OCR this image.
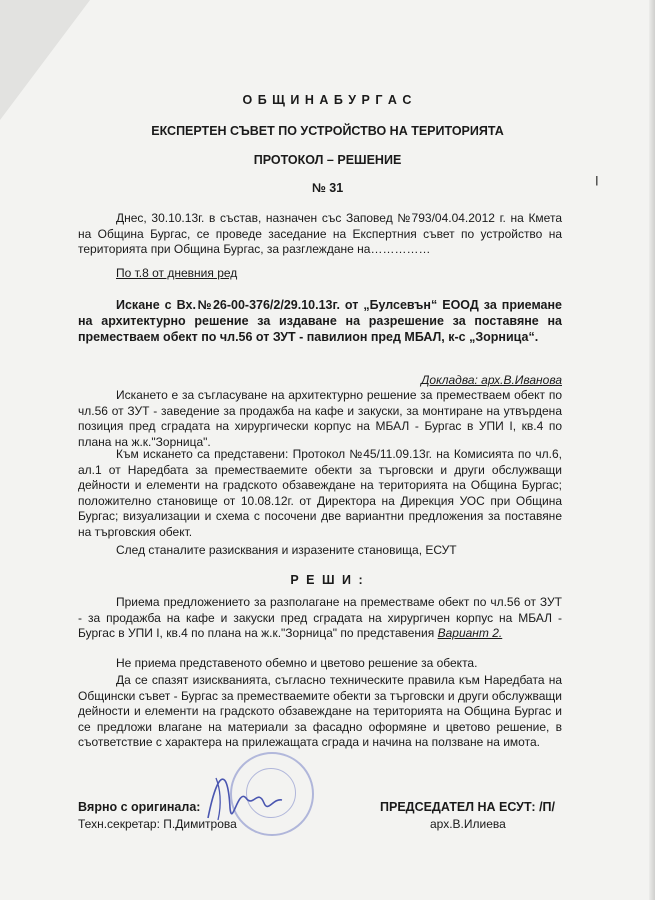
О Б Щ И Н А Б У Р Г А С
ЕКСПЕРТЕН СЪВЕТ ПО УСТРОЙСТВО НА ТЕРИТОРИЯТА
ПРОТОКОЛ – РЕШЕНИЕ
№ 31	╵
Днес, 30.10.13г. в състав, назначен със Заповед №793/04.04.2012 г. на Кмета на Община Бургас, се проведе заседание на Експертния съвет по устройство на територията при Община Бургас, за разглеждане на……………
По т.8 от дневния ред
Искане с Вх.№26-00-376/2/29.10.13г. от „Булсевън“ ЕООД за приемане на архитектурно решение за издаване на разрешение за поставяне на преместваем обект по чл.56 от ЗУТ - павилион пред МБАЛ, к-с „Зорница“.
Докладва: арх.В.Иванова
Искането е за съгласуване на архитектурно решение за преместваем обект по чл.56 от ЗУТ - заведение за продажба на кафе и закуски, за монтиране на утвърдена позиция пред сградата на хирургически корпус на МБАЛ - Бургас в УПИ I, кв.4 по плана на ж.к."Зорница".
Към искането са представени: Протокол №45/11.09.13г. на Комисията по чл.6, ал.1 от Наредбата за преместваемите обекти за търговски и други обслужващи дейности и елементи на градското обзавеждане на територията на Община Бургас; положително становище от 10.08.12г. от Директора на Дирекция УОС при Община Бургас; визуализации и схема с посочени две вариантни предложения за поставяне на търговския обект.
След станалите разисквания и изразените становища, ЕСУТ
Р Е Ш И :
Приема предложението за разполагане на преместваме обект по чл.56 от ЗУТ - за продажба на кафе и закуски пред сградата на хирургичен корпус на МБАЛ - Бургас в УПИ I, кв.4 по плана на ж.к."Зорница" по представения Вариант 2.
Не приема представеното обемно и цветово решение за обекта.
Да се спазят изискванията, съгласно техническите правила към Наредбата на Общински съвет - Бургас за преместваемите обекти за търговски и други обслужващи дейности и елементи на градското обзавеждане на територията на Община Бургас и се предложи влагане на материали за фасадно оформяне и цветово решение, в съответствие с характера на прилежащата сграда и начина на ползване на имота.
Вярно с оригинала:
Техн.секретар: П.Димитрова
ПРЕДСЕДАТЕЛ НА ЕСУТ: /П/
арх.В.Илиева
